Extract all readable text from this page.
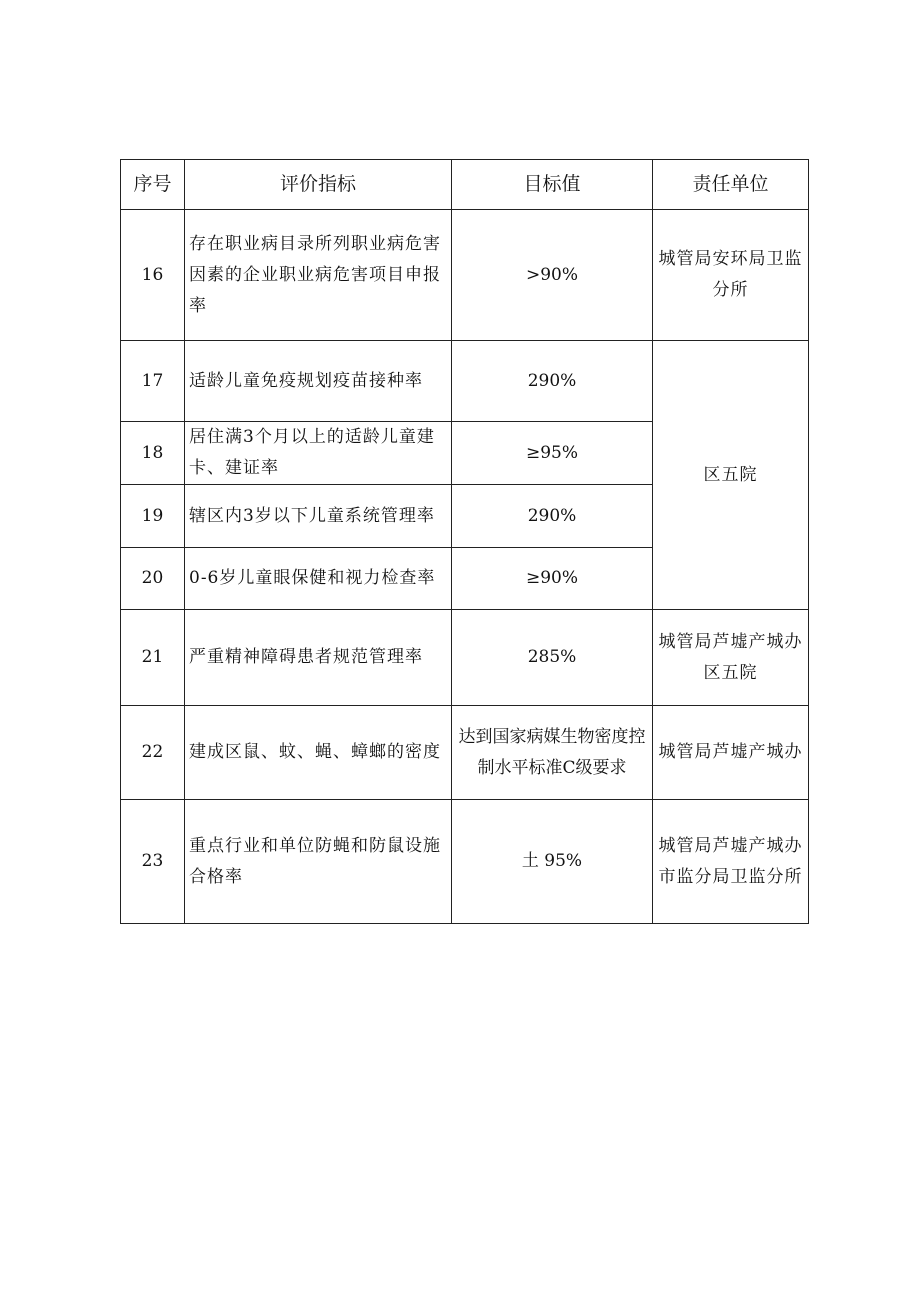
序号	评价指标	目标值	责任单位
16	存在职业病目录所列职业病危害因素的企业职业病危害项目申报率	>90%	城管局安环局卫监分所
17	适龄儿童免疫规划疫苗接种率	290%	区五院
18	居住满3个月以上的适龄儿童建卡、建证率	≥95%	
19	辖区内3岁以下儿童系统管理率	290%	
20	0-6岁儿童眼保健和视力检查率	≥90%	
21	严重精神障碍患者规范管理率	285%	城管局芦墟产城办区五院
22	建成区鼠、蚊、蝇、蟑螂的密度	达到国家病媒生物密度控制水平标准C级要求	城管局芦墟产城办
23	重点行业和单位防蝇和防鼠设施合格率	土 95%	城管局芦墟产城办市监分局卫监分所
